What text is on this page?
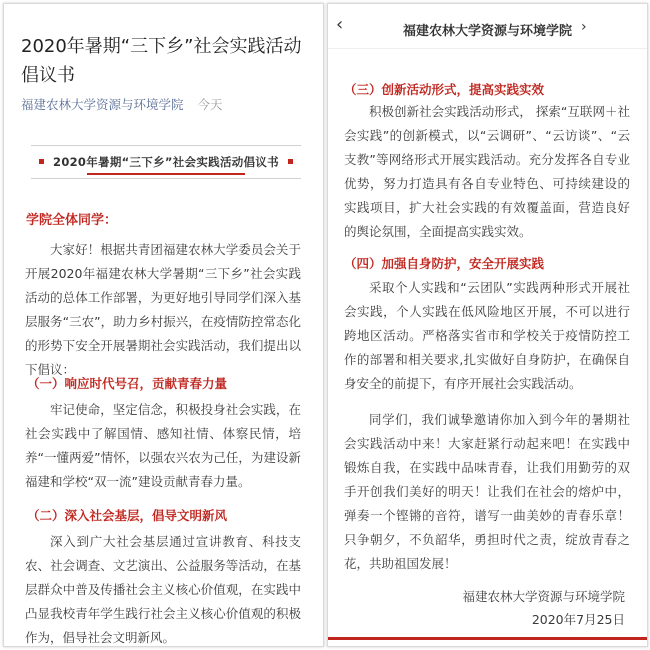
2020年暑期“三下乡”社会实践活动倡议书
福建农林大学资源与环境学院 今天
2020年暑期“三下乡”社会实践活动倡议书
学院全体同学：

大家好！根据共青团福建农林大学委员会关于开展2020年福建农林大学暑期“三下乡”社会实践活动的总体工作部署，为更好地引导同学们深入基层服务“三农”，助力乡村振兴，在疫情防控常态化的形势下安全开展暑期社会实践活动，我们提出以下倡议：

（一）响应时代号召，贡献青春力量

牢记使命，坚定信念，积极投身社会实践，在社会实践中了解国情、感知社情、体察民情，培养“一懂两爱”情怀，以强农兴农为己任，为建设新福建和学校“双一流”建设贡献青春力量。

（二）深入社会基层，倡导文明新风

深入到广大社会基层通过宣讲教育、科技支农、社会调查、文艺演出、公益服务等活动，在基层群众中普及传播社会主义核心价值观，在实践中凸显我校青年学生践行社会主义核心价值观的积极作为，倡导社会文明新风。

‹	福建农林大学资源与环境学院 ›
（三）创新活动形式，提高实践实效

积极创新社会实践活动形式， 探索“互联网＋社会实践”的创新模式，以“云调研”、“云访谈”、“云支教”等网络形式开展实践活动。充分发挥各自专业优势，努力打造具有各自专业特色、可持续建设的实践项目，扩大社会实践的有效覆盖面，营造良好的舆论氛围，全面提高实践实效。

（四）加强自身防护，安全开展实践

采取个人实践和“云团队”实践两种形式开展社会实践，个人实践在低风险地区开展，不可以进行跨地区活动。严格落实省市和学校关于疫情防控工作的部署和相关要求,扎实做好自身防护，在确保自身安全的前提下，有序开展社会实践活动。

同学们，我们诚挚邀请你加入到今年的暑期社会实践活动中来！大家赶紧行动起来吧！在实践中锻炼自我，在实践中品味青春，让我们用勤劳的双手开创我们美好的明天！让我们在社会的熔炉中，弹奏一个铿锵的音符，谱写一曲美妙的青春乐章！只争朝夕，不负韶华，勇担时代之责，绽放青春之花，共助祖国发展！

福建农林大学资源与环境学院
2020年7月25日
